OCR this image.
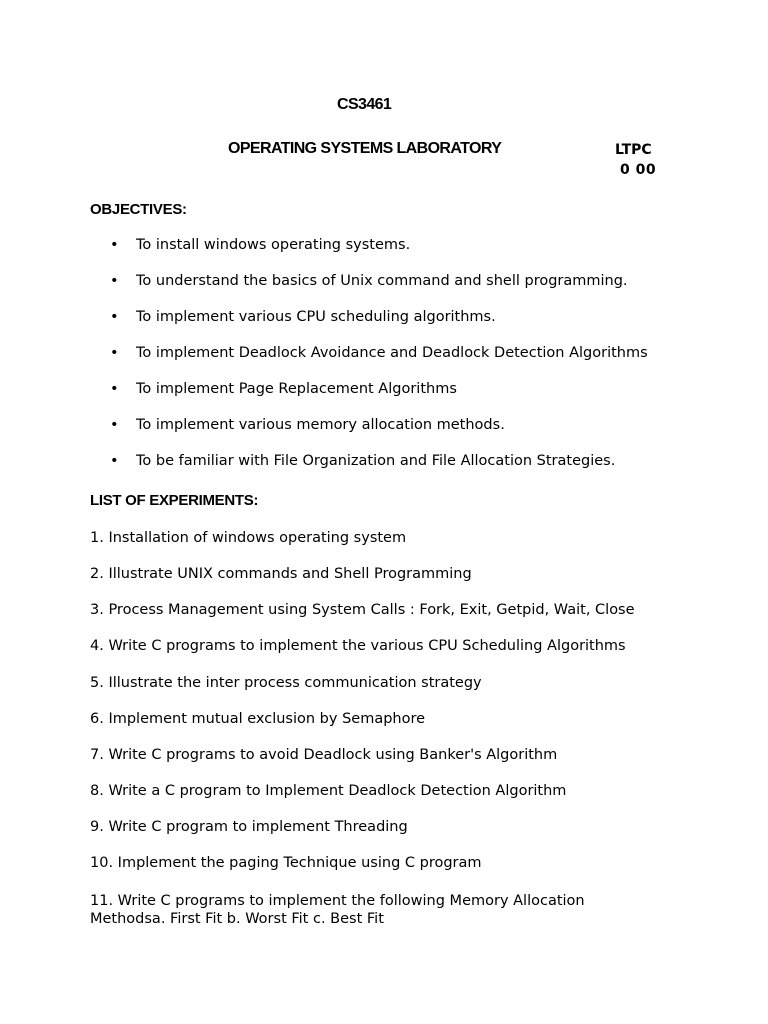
CS3461
OPERATING SYSTEMS LABORATORY	LTPC
0 00
OBJECTIVES:
• To install windows operating systems.
• To understand the basics of Unix command and shell programming.
• To implement various CPU scheduling algorithms.
• To implement Deadlock Avoidance and Deadlock Detection Algorithms
• To implement Page Replacement Algorithms
• To implement various memory allocation methods.
• To be familiar with File Organization and File Allocation Strategies.
LIST OF EXPERIMENTS:
1. Installation of windows operating system
2. Illustrate UNIX commands and Shell Programming
3. Process Management using System Calls : Fork, Exit, Getpid, Wait, Close
4. Write C programs to implement the various CPU Scheduling Algorithms
5. Illustrate the inter process communication strategy
6. Implement mutual exclusion by Semaphore
7. Write C programs to avoid Deadlock using Banker's Algorithm
8. Write a C program to Implement Deadlock Detection Algorithm
9. Write C program to implement Threading
10. Implement the paging Technique using C program
11. Write C programs to implement the following Memory Allocation Methodsa. First Fit b. Worst Fit c. Best Fit
